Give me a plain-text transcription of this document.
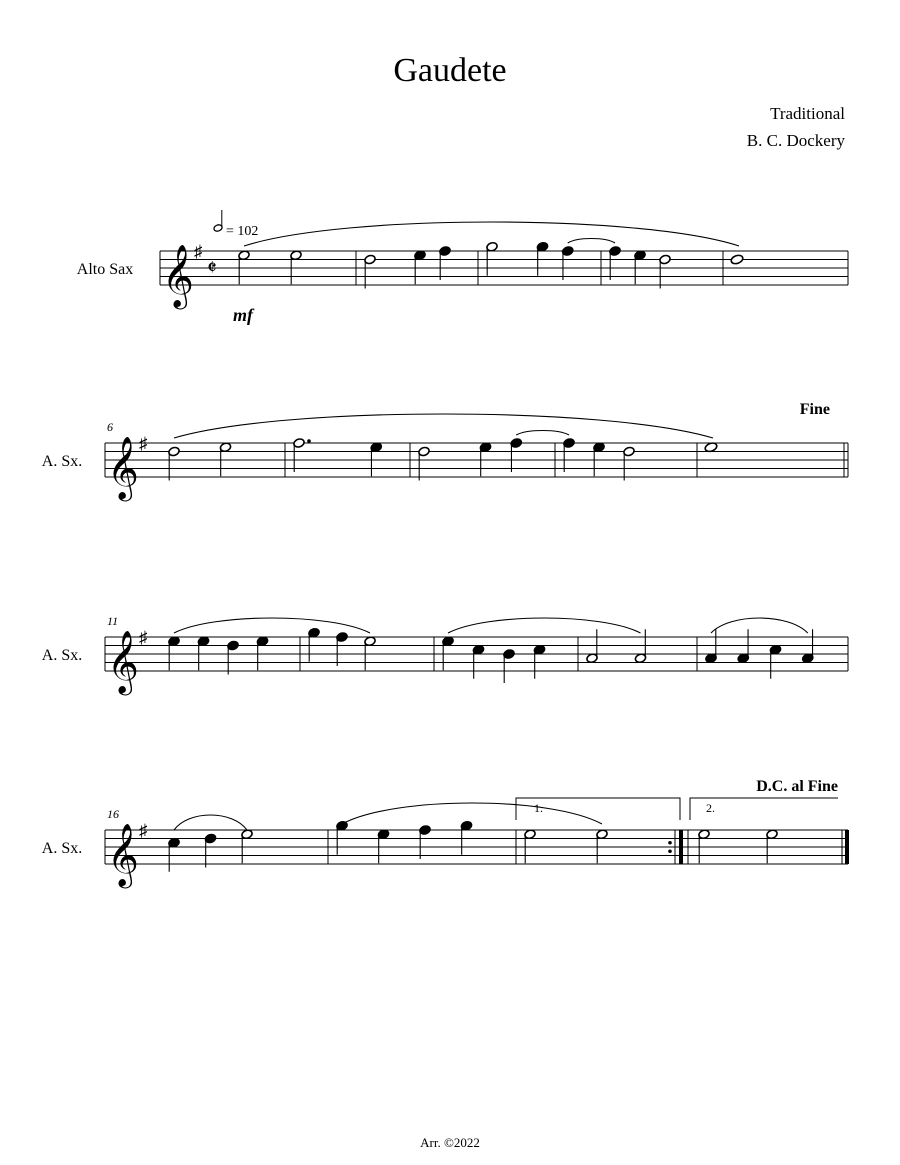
Gaudete
Traditional
B. C. Dockery
Alto Sax 𝄞 ♯
𝄵
A. Sx.
6
𝄞 ♯
Fine
A. Sx.
11
𝄞 ♯
A. Sx.
16
𝄞 ♯
1.	2.
D.C. al Fine
= 102
mf
Arr. ©2022
